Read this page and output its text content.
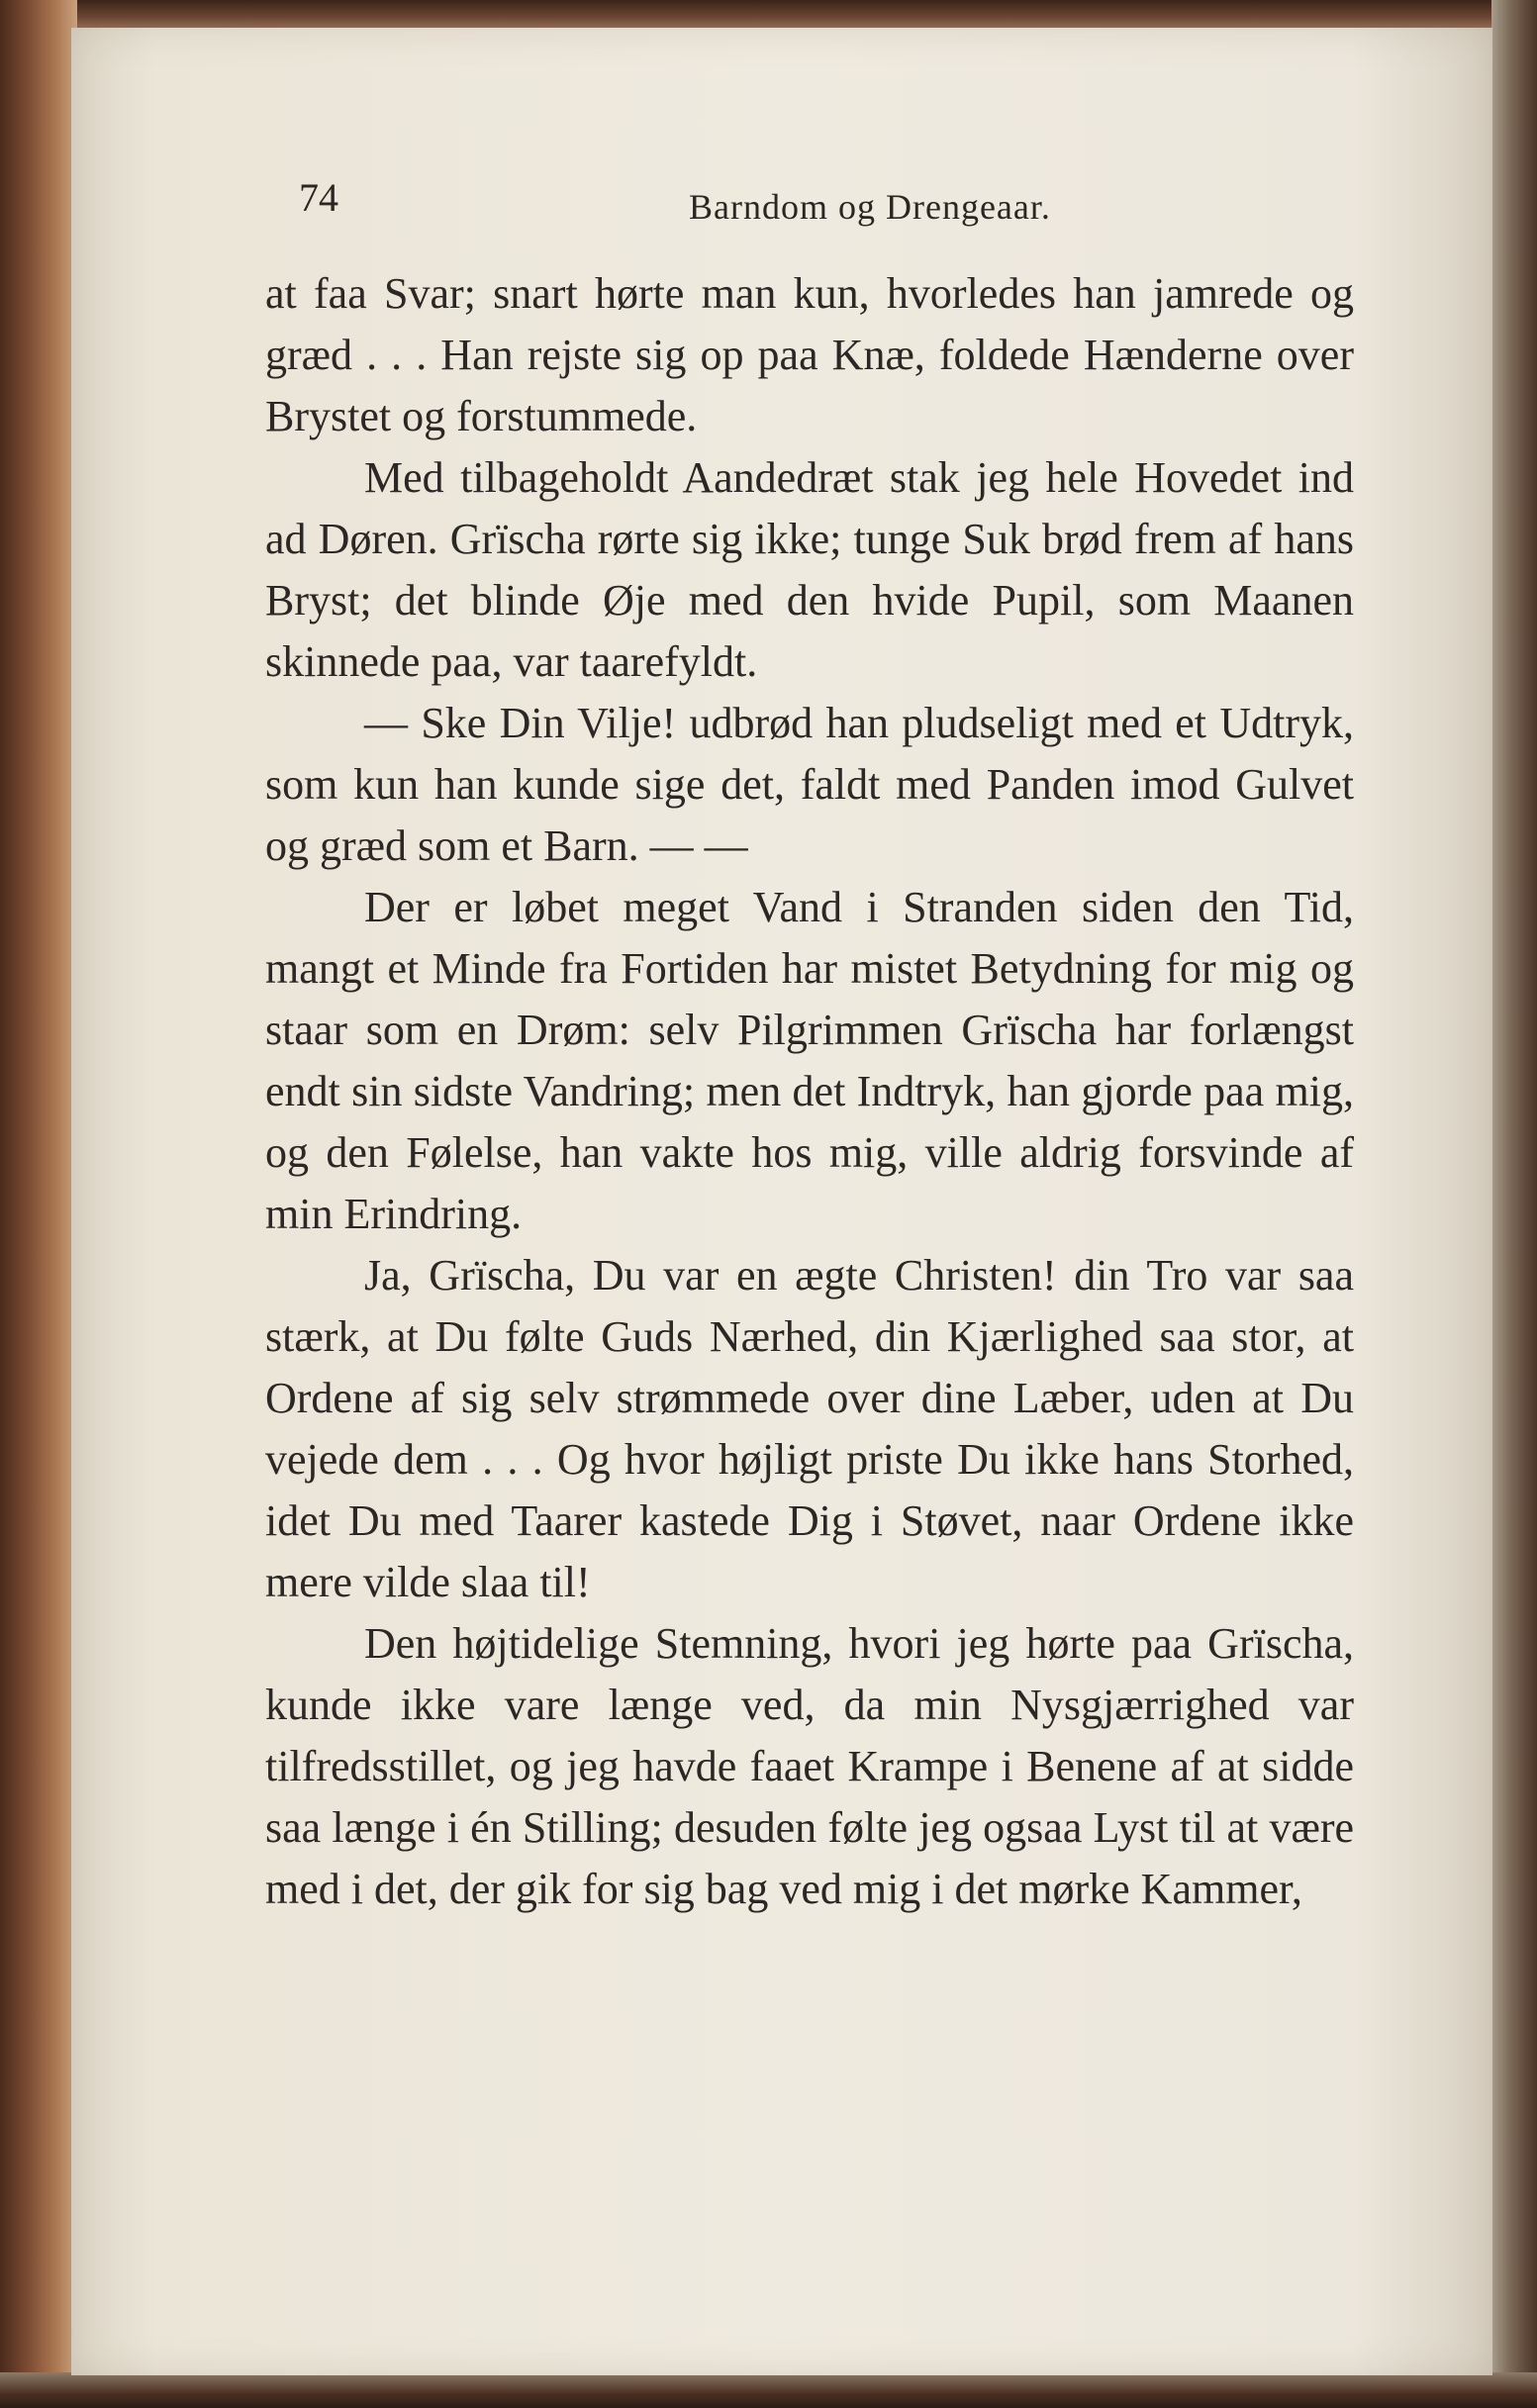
74	Barndom og Drengeaar.

at faa Svar; snart hørte man kun, hvorledes han jamrede og græd . . . Han rejste sig op paa Knæ, foldede Hænderne over Brystet og forstummede.

Med tilbageholdt Aandedræt stak jeg hele Hovedet ind ad Døren. Grïscha rørte sig ikke; tunge Suk brød frem af hans Bryst; det blinde Øje med den hvide Pupil, som Maanen skinnede paa, var taarefyldt.

— Ske Din Vilje! udbrød han pludseligt med et Udtryk, som kun han kunde sige det, faldt med Panden imod Gulvet og græd som et Barn. — —

Der er løbet meget Vand i Stranden siden den Tid, mangt et Minde fra Fortiden har mistet Betydning for mig og staar som en Drøm: selv Pilgrimmen Grïscha har forlængst endt sin sidste Vandring; men det Indtryk, han gjorde paa mig, og den Følelse, han vakte hos mig, ville aldrig forsvinde af min Erindring.

Ja, Grïscha, Du var en ægte Christen! din Tro var saa stærk, at Du følte Guds Nærhed, din Kjærlighed saa stor, at Ordene af sig selv strømmede over dine Læber, uden at Du vejede dem . . . Og hvor højligt priste Du ikke hans Storhed, idet Du med Taarer kastede Dig i Støvet, naar Ordene ikke mere vilde slaa til!

Den højtidelige Stemning, hvori jeg hørte paa Grïscha, kunde ikke vare længe ved, da min Nysgjærrighed var tilfredsstillet, og jeg havde faaet Krampe i Benene af at sidde saa længe i én Stilling; desuden følte jeg ogsaa Lyst til at være med i det, der gik for sig bag ved mig i det mørke Kammer,
